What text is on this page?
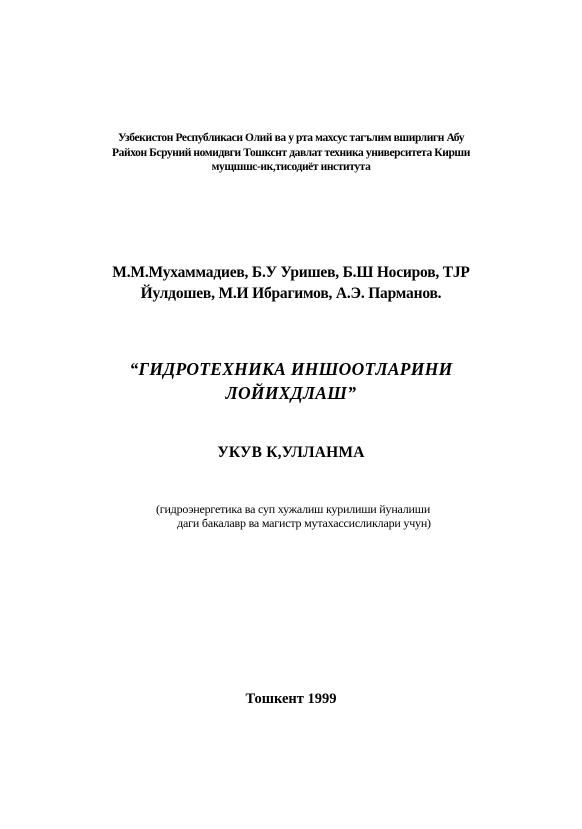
Узбекистон Республикаси Олий ва у рта махсус тагълим вширлигн Абу
Райхон Бсруний номидвги Тошкснт давлат техника университета Кирши
мущшшс-ик,тисодиёт института
М.М.Мухаммадиев, Б.У Уришев, Б.Ш Носиров, ТЈР
Йулдошев, М.И Ибрагимов, А.Э. Парманов.
“ГИДРОТЕХНИКА ИНШООТЛАРИНИ
ЛОЙИХДЛАШ”
УКУВ К,УЛЛАНМА
(гидроэнергетика ва суп хужалиш курилиши йуналиши
даги бакалавр ва магистр мутахассисликлари учун)
Тошкент 1999
